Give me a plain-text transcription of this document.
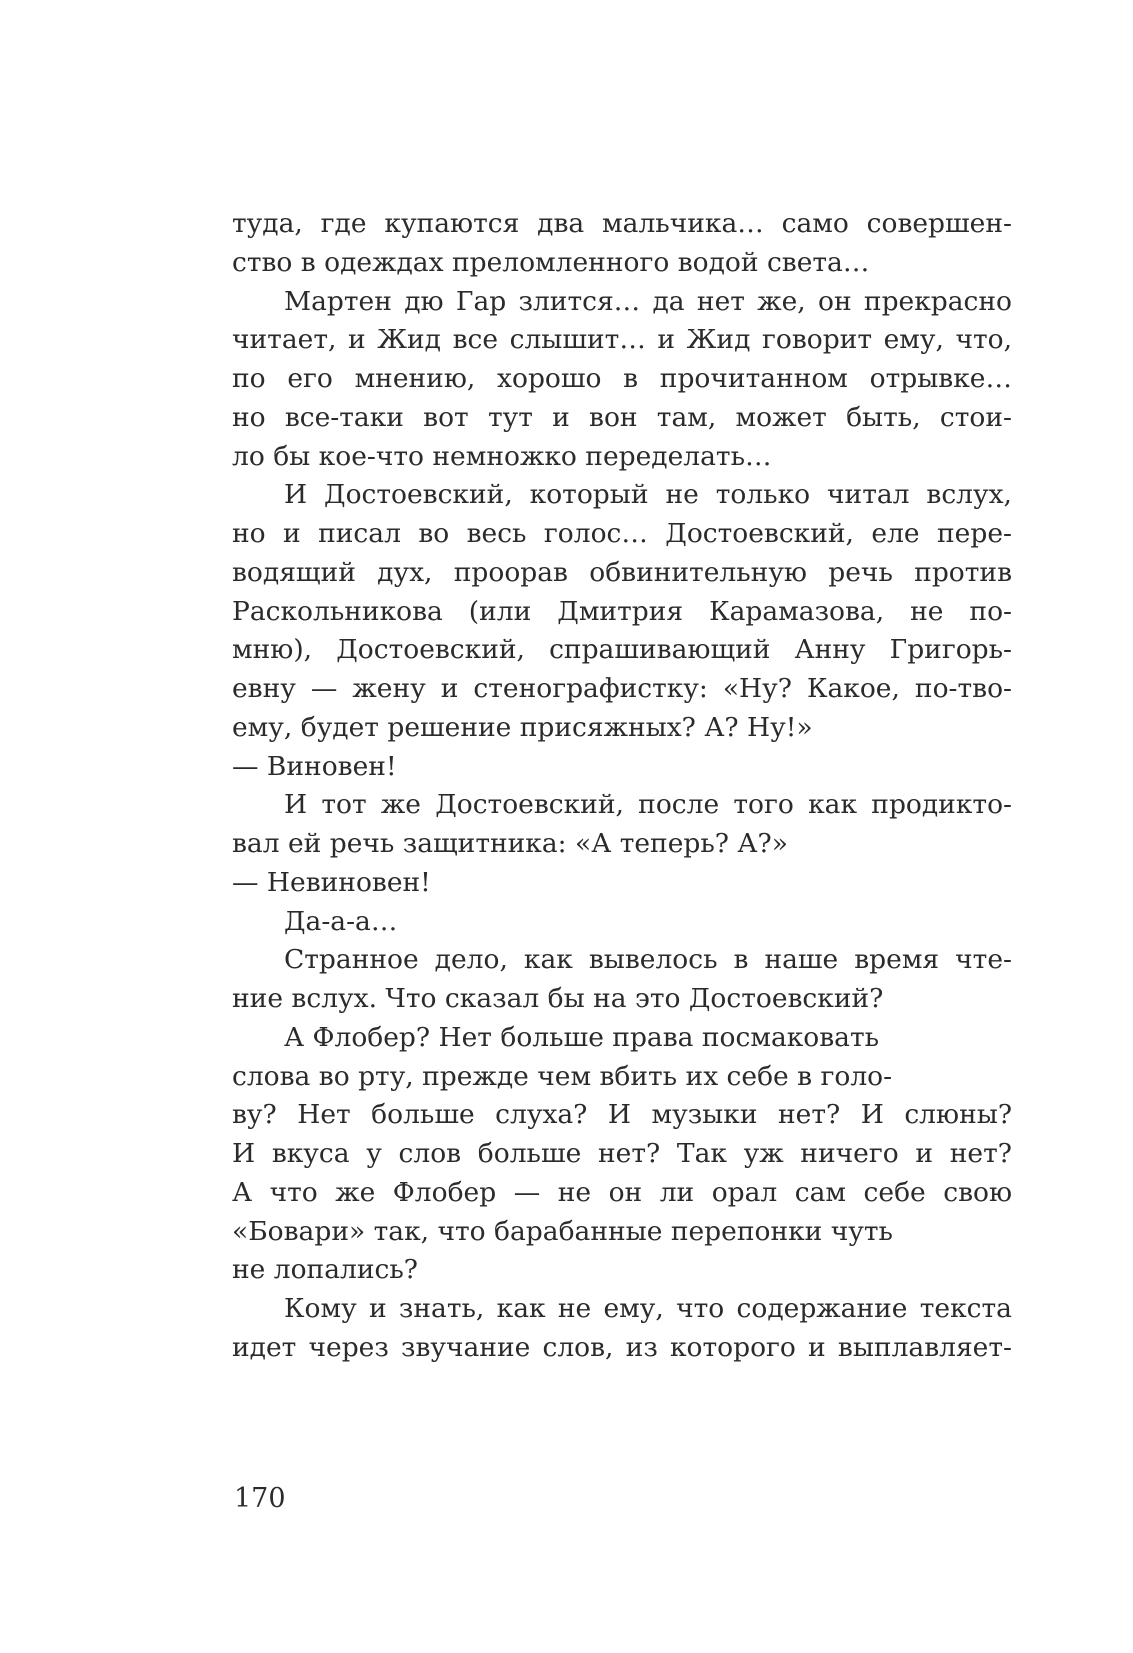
туда, где купаются два мальчика… само совершен-
ство в одеждах преломленного водой света…
Мартен дю Гар злится… да нет же, он прекрасно
читает, и Жид все слышит… и Жид говорит ему, что,
по его мнению, хорошо в прочитанном отрывке…
но все-таки вот тут и вон там, может быть, стои-
ло бы кое-что немножко переделать…
И Достоевский, который не только читал вслух,
но и писал во весь голос… Достоевский, еле пере-
водящий дух, проорав обвинительную речь против
Раскольникова (или Дмитрия Карамазова, не по-
мню), Достоевский, спрашивающий Анну Григорь-
евну — жену и стенографистку: «Ну? Какое, по-тво-
ему, будет решение присяжных? А? Ну!»
— Виновен!
И тот же Достоевский, после того как продикто-
вал ей речь защитника: «А теперь? А?»
— Невиновен!
Да-а-а…
Странное дело, как вывелось в наше время чте-
ние вслух. Что сказал бы на это Достоевский?
А Флобер? Нет больше права посмаковать
слова во рту, прежде чем вбить их себе в голо-
ву? Нет больше слуха? И музыки нет? И слюны?
И вкуса у слов больше нет? Так уж ничего и нет?
А что же Флобер — не он ли орал сам себе свою
«Бовари» так, что барабанные перепонки чуть
не лопались?
Кому и знать, как не ему, что содержание текста
идет через звучание слов, из которого и выплавляет-
170
